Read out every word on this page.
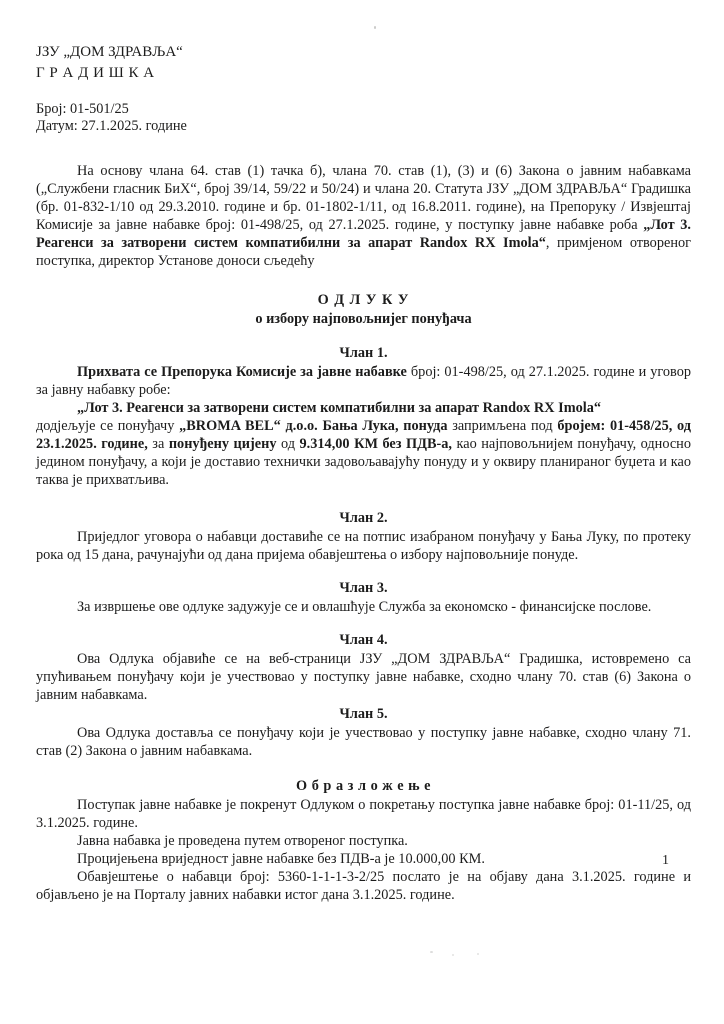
ЈЗУ „ДОМ ЗДРАВЉА“
Г Р А Д И Ш К А
Број: 01-501/25
Датум: 27.1.2025. године

На основу члана 64. став (1) тачка б), члана 70. став (1), (3) и (6) Закона о јавним набавкама („Службени гласник БиХ“, број 39/14, 59/22 и 50/24) и члана 20. Статута ЈЗУ „ДОМ ЗДРАВЉА“ Градишка (бр. 01-832-1/10 од 29.3.2010. године и бр. 01-1802-1/11, од 16.8.2011. године), на Препоруку / Извјештај Комисије за јавне набавке број: 01-498/25, од 27.1.2025. године, у поступку јавне набавке роба „Лот 3. Реагенси за затворени систем компатибилни за апарат Randox RX Imola“, примјеном отвореног поступка, директор Установе доноси сљедећу

О Д Л У К У
о избору најповољнијег понуђача
Члан 1.

Прихвата се Препорука Комисије за јавне набавке број: 01-498/25, од 27.1.2025. године и уговор за јавну набавку робе:

„Лот 3. Реагенси за затворени систем компатибилни за апарат Randox RX Imola“

додјељује се понуђачу „BROMA BEL“ д.о.о. Бања Лука, понуда запримљена под бројем: 01-458/25, од 23.1.2025. године, за понуђену цијену од 9.314,00 КМ без ПДВ-а, као најповољнијем понуђачу, односно једином понуђачу, а који је доставио технички задовољавајућу понуду и у оквиру планираног буџета и као таква је прихватљива.

Члан 2.

Приједлог уговора о набавци доставиће се на потпис изабраном понуђачу у Бања Луку, по протеку рока од 15 дана, рачунајући од дана пријема обавјештења о избору најповољније понуде.

Члан 3.

За извршење ове одлуке задужује се и овлашћује Служба за економско - финансијске послове.

Члан 4.

Ова Одлука објавиће се на веб-страници ЈЗУ „ДОМ ЗДРАВЉА“ Градишка, истовремено са упућивањем понуђачу који је учествовао у поступку јавне набавке, сходно члану 70. став (6) Закона о јавним набавкама.

Члан 5.

Ова Одлука доставља се понуђачу који је учествовао у поступку јавне набавке, сходно члану 71. став (2) Закона о јавним набавкама.

О б р а з л о ж е њ е

Поступак јавне набавке је покренут Одлуком о покретању поступка јавне набавке број: 01-11/25, од 3.1.2025. године.

Јавна набавка је проведена путем отвореног поступка.

Процијењена вриједност јавне набавке без ПДВ-а је 10.000,00 КМ.

Обавјештење о набавци број: 5360-1-1-1-3-2/25 послато је на објаву дана 3.1.2025. године и објављено је на Порталу јавних набавки истог дана 3.1.2025. године.

1
